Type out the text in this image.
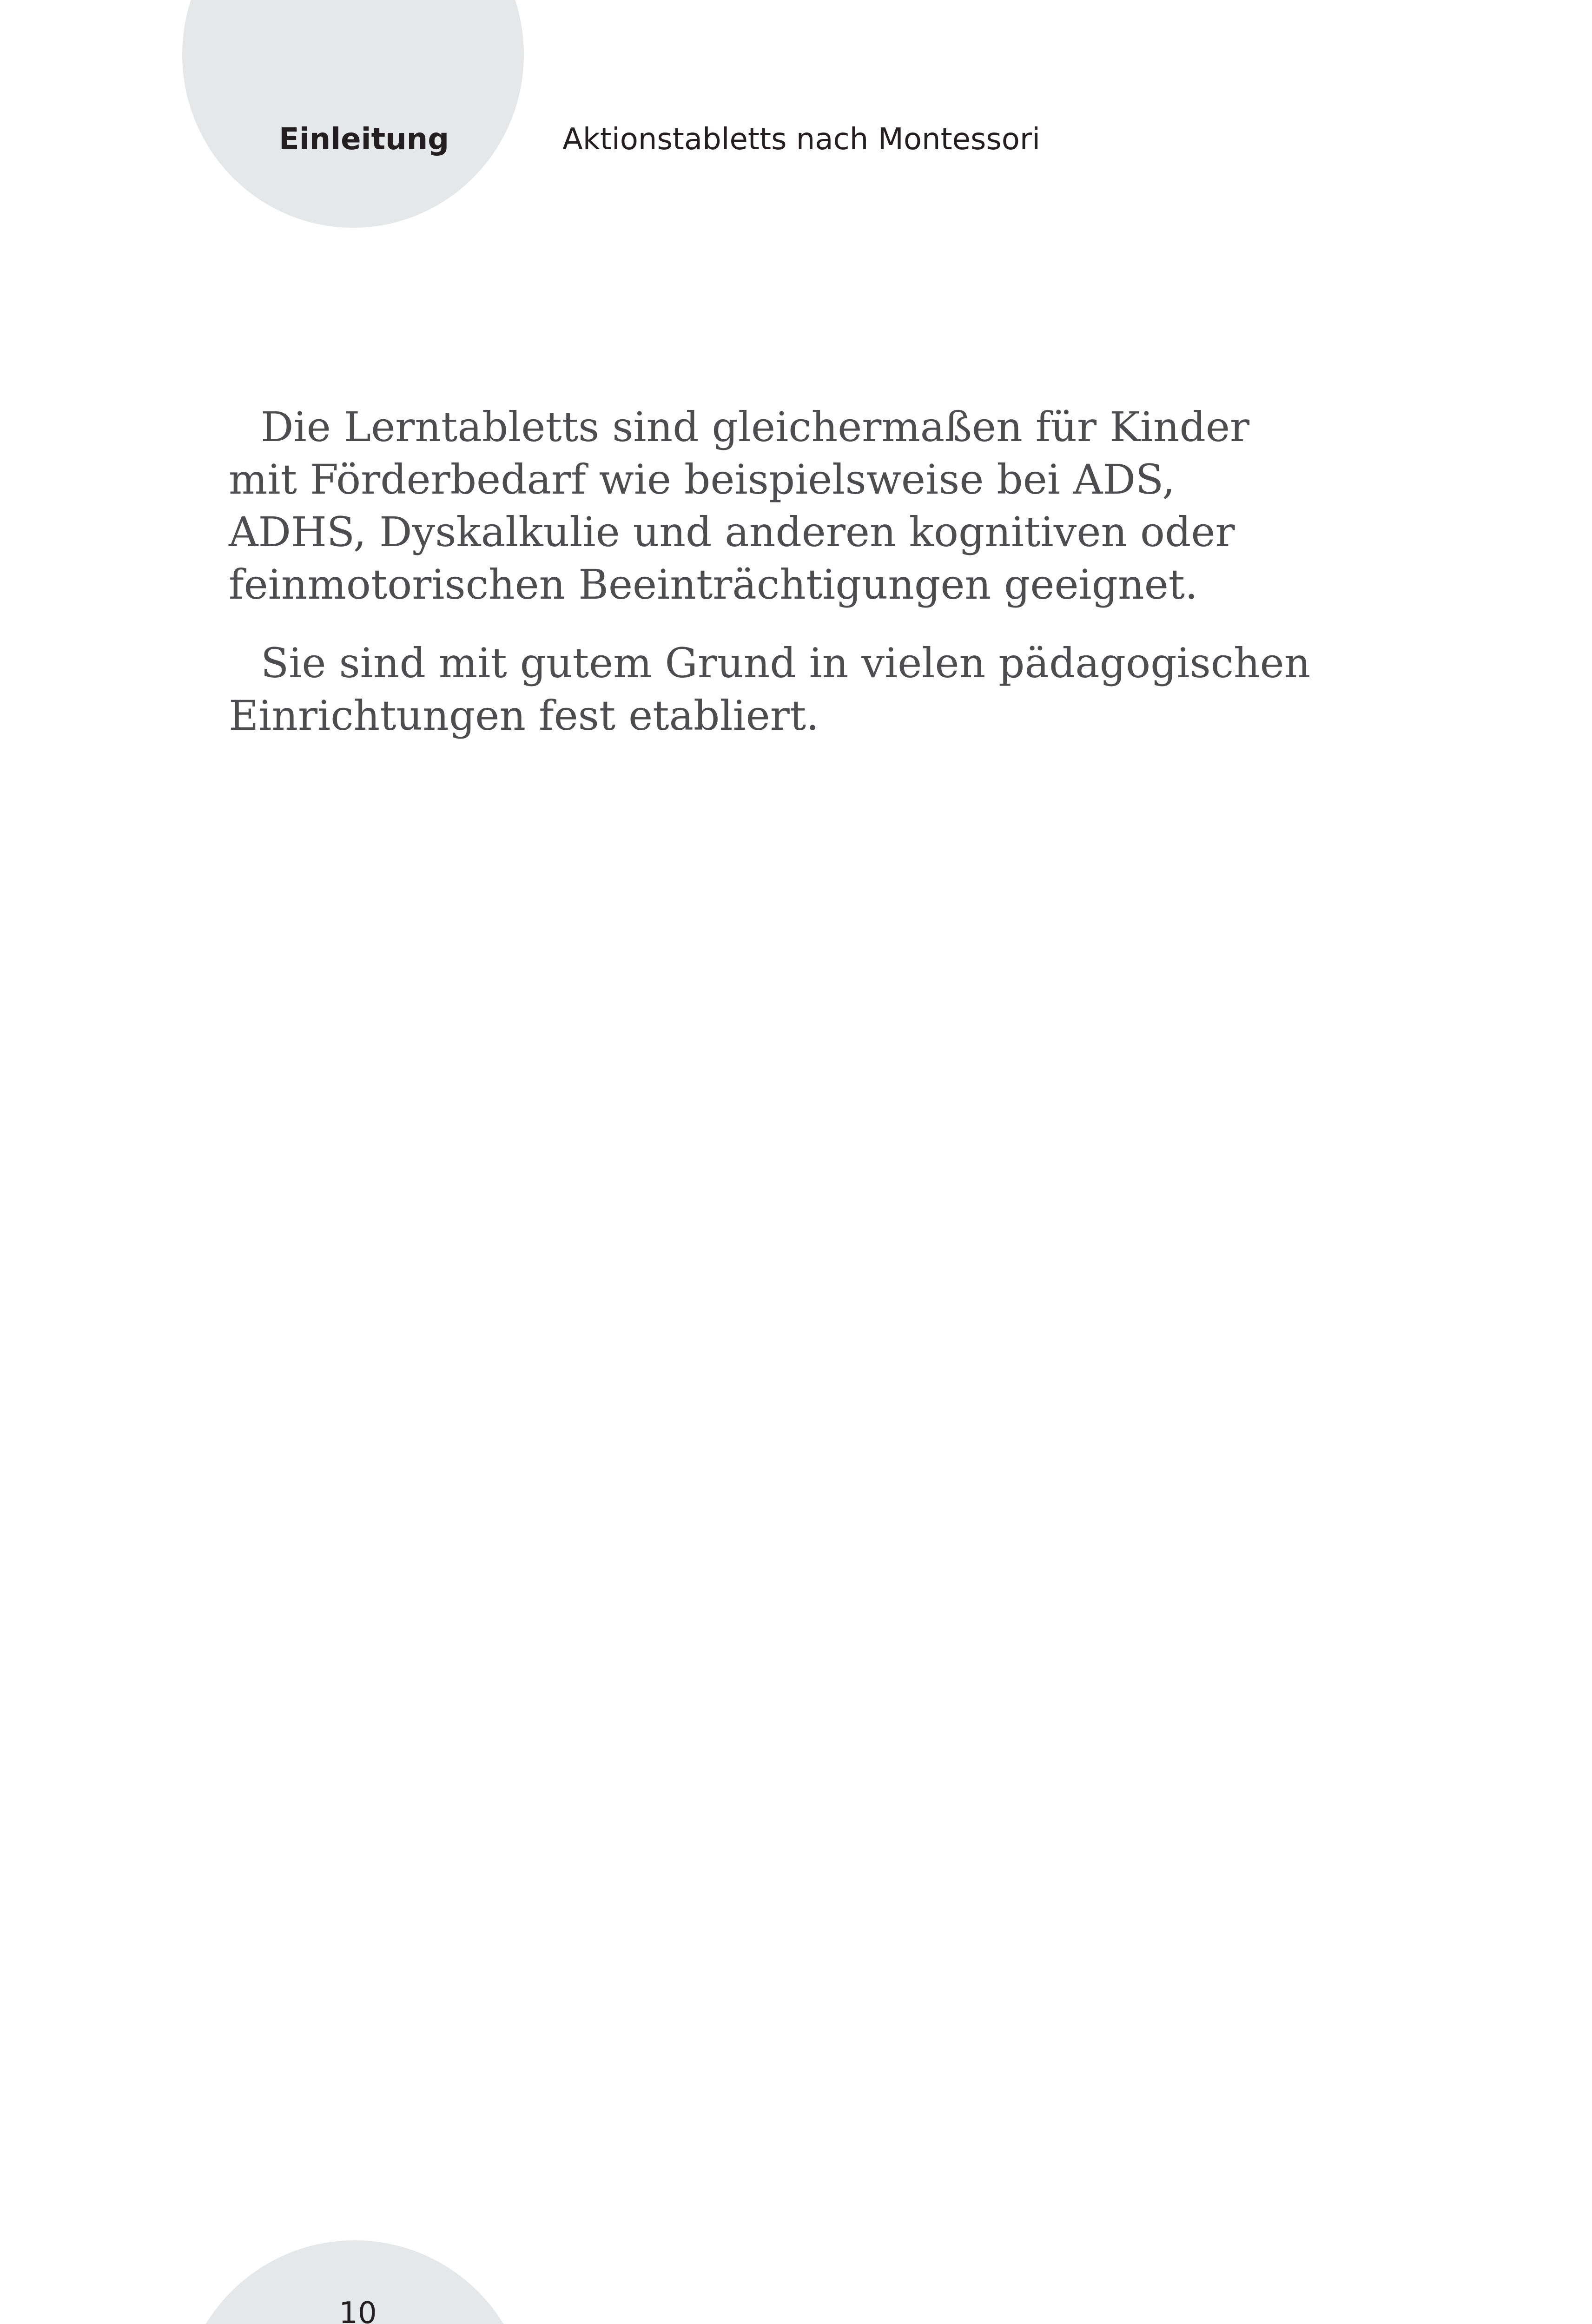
Einleitung	Aktionstabletts nach Montessori

Die Lerntabletts sind gleichermaßen für Kinder mit Förderbedarf wie beispielsweise bei ADS, ADHS, Dyskalkulie und anderen kognitiven oder feinmotorischen Beeinträchtigungen geeignet.

Sie sind mit gutem Grund in vielen pädagogischen Einrichtungen fest etabliert.

10
